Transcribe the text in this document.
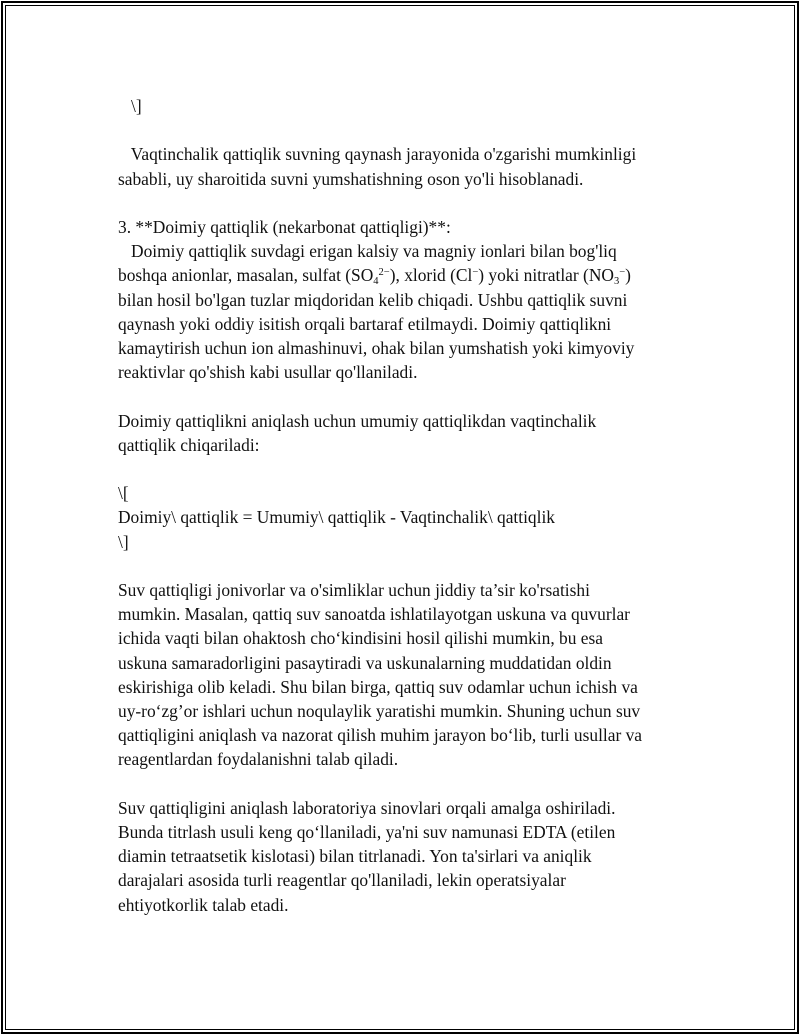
\]
Vaqtinchalik qattiqlik suvning qaynash jarayonida o'zgarishi mumkinligi
sababli, uy sharoitida suvni yumshatishning oson yo'li hisoblanadi.
3. **Doimiy qattiqlik (nekarbonat qattiqligi)**:
Doimiy qattiqlik suvdagi erigan kalsiy va magniy ionlari bilan bog'liq
boshqa anionlar, masalan, sulfat $(SO_4^{2-})$, xlorid (Cl−) yoki nitratlar $(NO_3^-)$
bilan hosil bo'lgan tuzlar miqdoridan kelib chiqadi. Ushbu qattiqlik suvni
qaynash yoki oddiy isitish orqali bartaraf etilmaydi. Doimiy qattiqlikni
kamaytirish uchun ion almashinuvi, ohak bilan yumshatish yoki kimyoviy
reaktivlar qo'shish kabi usullar qo'llaniladi.
Doimiy qattiqlikni aniqlash uchun umumiy qattiqlikdan vaqtinchalik
qattiqlik chiqariladi:
\[
Doimiy\ qattiqlik = Umumiy\ qattiqlik - Vaqtinchalik\ qattiqlik
\]
Suv qattiqligi jonivorlar va o'simliklar uchun jiddiy ta’sir ko'rsatishi
mumkin. Masalan, qattiq suv sanoatda ishlatilayotgan uskuna va quvurlar
ichida vaqti bilan ohaktosh cho‘kindisini hosil qilishi mumkin, bu esa
uskuna samaradorligini pasaytiradi va uskunalarning muddatidan oldin
eskirishiga olib keladi. Shu bilan birga, qattiq suv odamlar uchun ichish va
uy-ro‘zg’or ishlari uchun noqulaylik yaratishi mumkin. Shuning uchun suv
qattiqligini aniqlash va nazorat qilish muhim jarayon bo‘lib, turli usullar va
reagentlardan foydalanishni talab qiladi.
Suv qattiqligini aniqlash laboratoriya sinovlari orqali amalga oshiriladi.
Bunda titrlash usuli keng qo‘llaniladi, ya'ni suv namunasi EDTA (etilen
diamin tetraatsetik kislotasi) bilan titrlanadi. Yon ta'sirlari va aniqlik
darajalari asosida turli reagentlar qo'llaniladi, lekin operatsiyalar
ehtiyotkorlik talab etadi.
